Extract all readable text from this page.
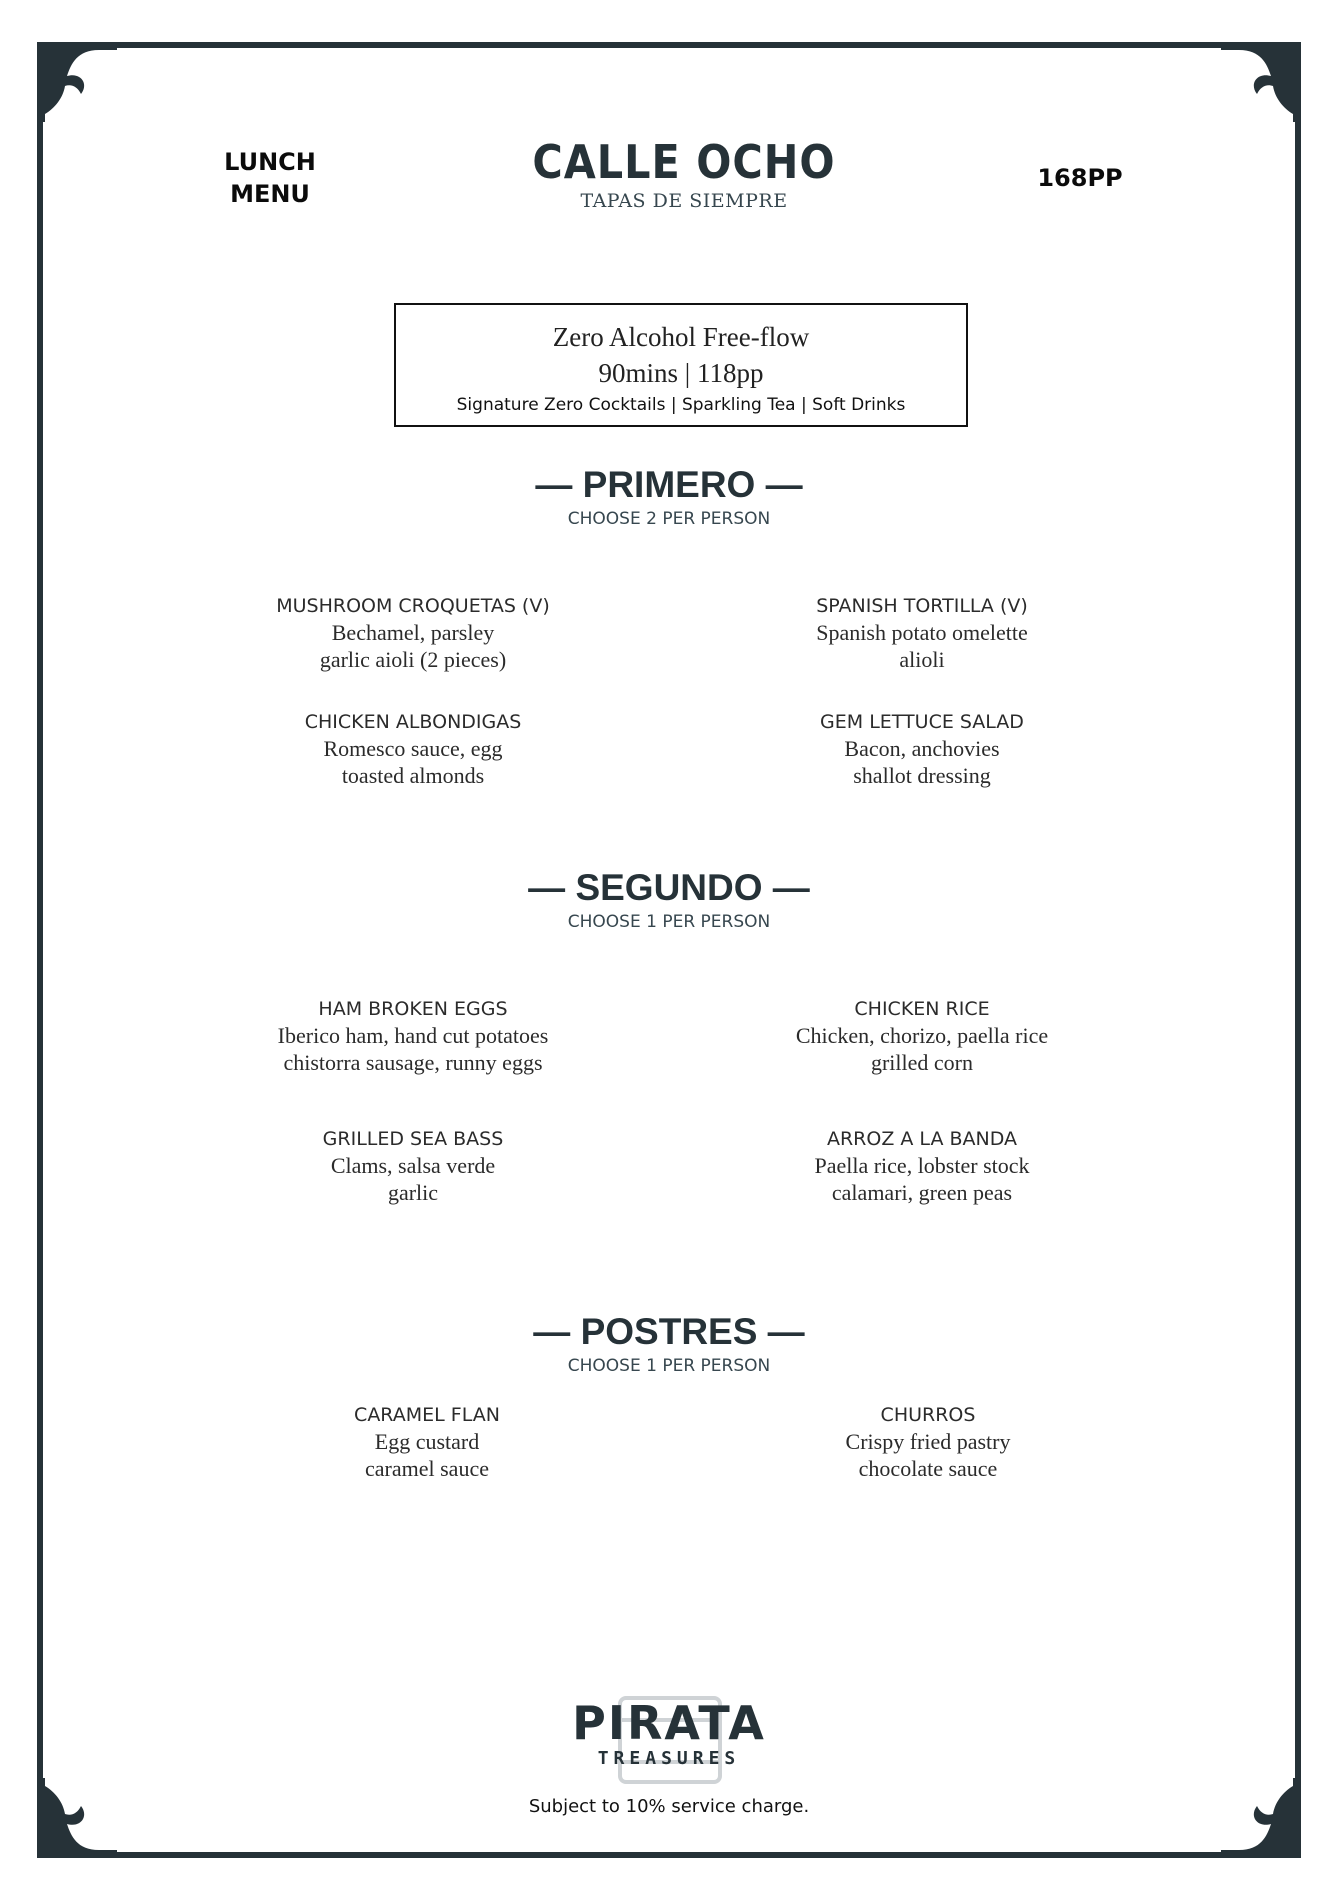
LUNCH
MENU
168PP
CALLE OCHO
TAPAS DE SIEMPRE
Zero Alcohol Free-flow
90mins | 118pp
Signature Zero Cocktails | Sparkling Tea | Soft Drinks
— PRIMERO —
CHOOSE 2 PER PERSON
MUSHROOM CROQUETAS (V)
Bechamel, parsley
garlic aioli (2 pieces)
SPANISH TORTILLA (V)
Spanish potato omelette
alioli
CHICKEN ALBONDIGAS
Romesco sauce, egg
toasted almonds
GEM LETTUCE SALAD
Bacon, anchovies
shallot dressing
— SEGUNDO —
CHOOSE 1 PER PERSON
HAM BROKEN EGGS
Iberico ham, hand cut potatoes
chistorra sausage, runny eggs
CHICKEN RICE
Chicken, chorizo, paella rice
grilled corn
GRILLED SEA BASS
Clams, salsa verde
garlic
ARROZ A LA BANDA
Paella rice, lobster stock
calamari, green peas
— POSTRES —
CHOOSE 1 PER PERSON
CARAMEL FLAN
Egg custard
caramel sauce
CHURROS
Crispy fried pastry
chocolate sauce
PIRATA
TREASURES
Subject to 10% service charge.
